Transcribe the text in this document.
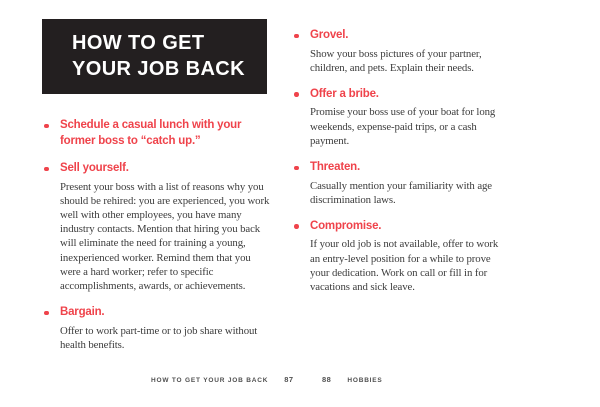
HOW TO GET
YOUR JOB BACK
Schedule a casual lunch with your former boss to “catch up.”
Sell yourself.
Present your boss with a list of reasons why you should be rehired: you are experienced, you work well with other employees, you have many industry contacts. Mention that hiring you back will eliminate the need for training a young, inexperienced worker. Remind them that you were a hard worker; refer to specific accomplishments, awards, or achievements.
Bargain.
Offer to work part-time or to job share without health benefits.
Grovel.
Show your boss pictures of your partner, children, and pets. Explain their needs.
Offer a bribe.
Promise your boss use of your boat for long weekends, expense-paid trips, or a cash payment.
Threaten.
Casually mention your familiarity with age discrimination laws.
Compromise.
If your old job is not available, offer to work an entry-level position for a while to prove your dedication. Work on call or fill in for vacations and sick leave.
HOW TO GET YOUR JOB BACK 87	88 HOBBIES
